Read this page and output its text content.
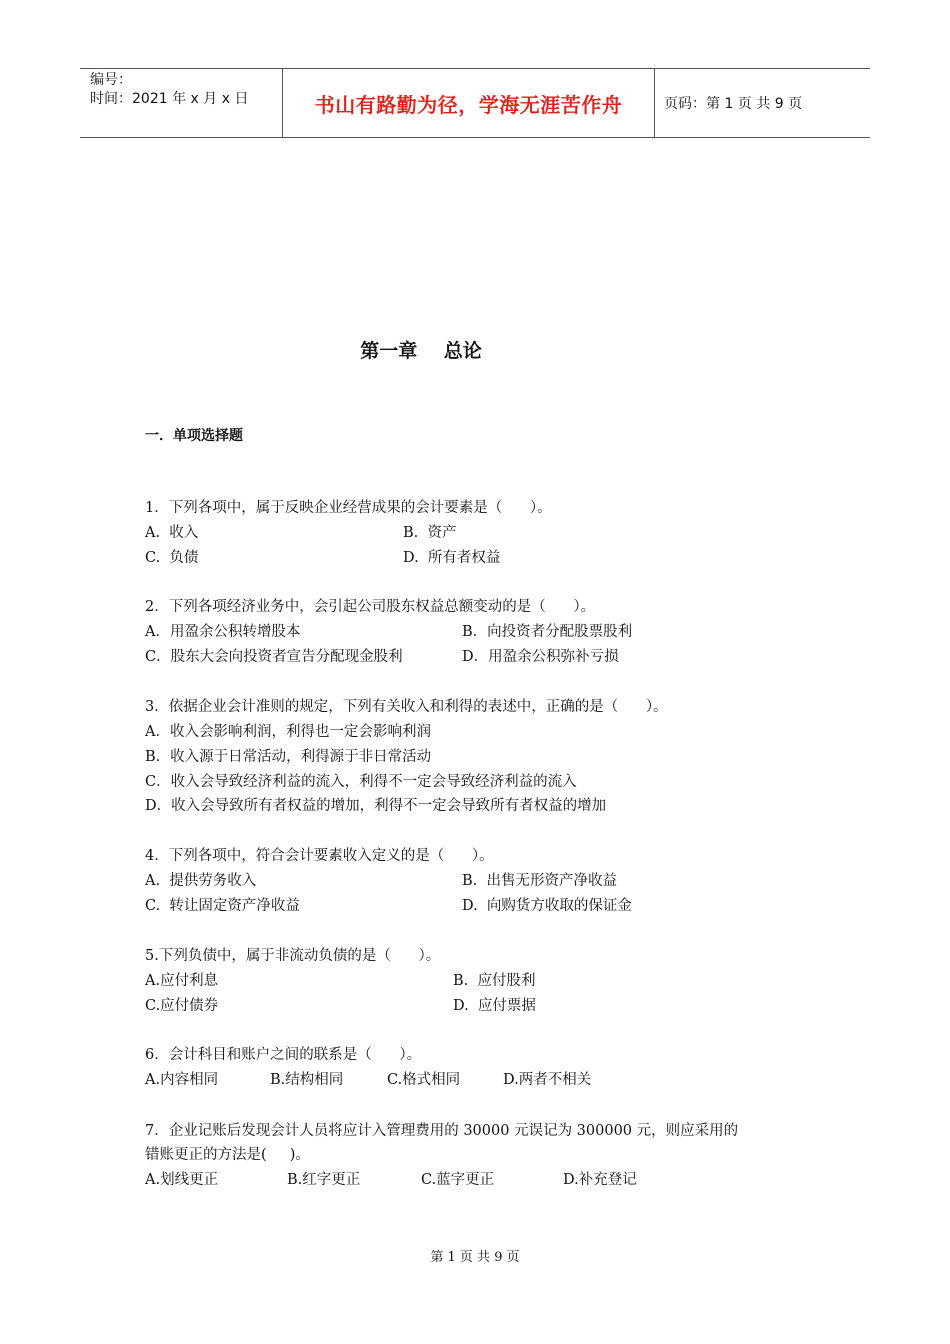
编号：
时间：2021 年 x 月 x 日	书山有路勤为径，学海无涯苦作舟	页码：第 1 页 共 9 页
第一章    总论
一．单项选择题
1．下列各项中，属于反映企业经营成果的会计要素是（      ）。
A.  收入	B.  资产
C.  负债	D.  所有者权益
2．下列各项经济业务中，会引起公司股东权益总额变动的是（      ）。
A．用盈余公积转增股本	B．向投资者分配股票股利
C．股东大会向投资者宣告分配现金股利	D．用盈余公积弥补亏损
3．依据企业会计准则的规定，下列有关收入和利得的表述中，正确的是（      ）。
A．收入会影响利润，利得也一定会影响利润
B．收入源于日常活动，利得源于非日常活动
C．收入会导致经济利益的流入，利得不一定会导致经济利益的流入
D．收入会导致所有者权益的增加，利得不一定会导致所有者权益的增加
4．下列各项中，符合会计要素收入定义的是（      ）。
A.  提供劳务收入	B.  出售无形资产净收益
C.  转让固定资产净收益	D.  向购货方收取的保证金
5.下列负债中，属于非流动负债的是（      ）。
A.应付利息	B.  应付股利
C.应付债券	D.  应付票据
6．会计科目和账户之间的联系是（      ）。
A.内容相同	B.结构相同	C.格式相同	D.两者不相关
7．企业记账后发现会计人员将应计入管理费用的 30000 元误记为 300000 元，则应采用的
错账更正的方法是(     )。
A.划线更正	B.红字更正	C.蓝字更正	D.补充登记
第 1 页 共 9 页
